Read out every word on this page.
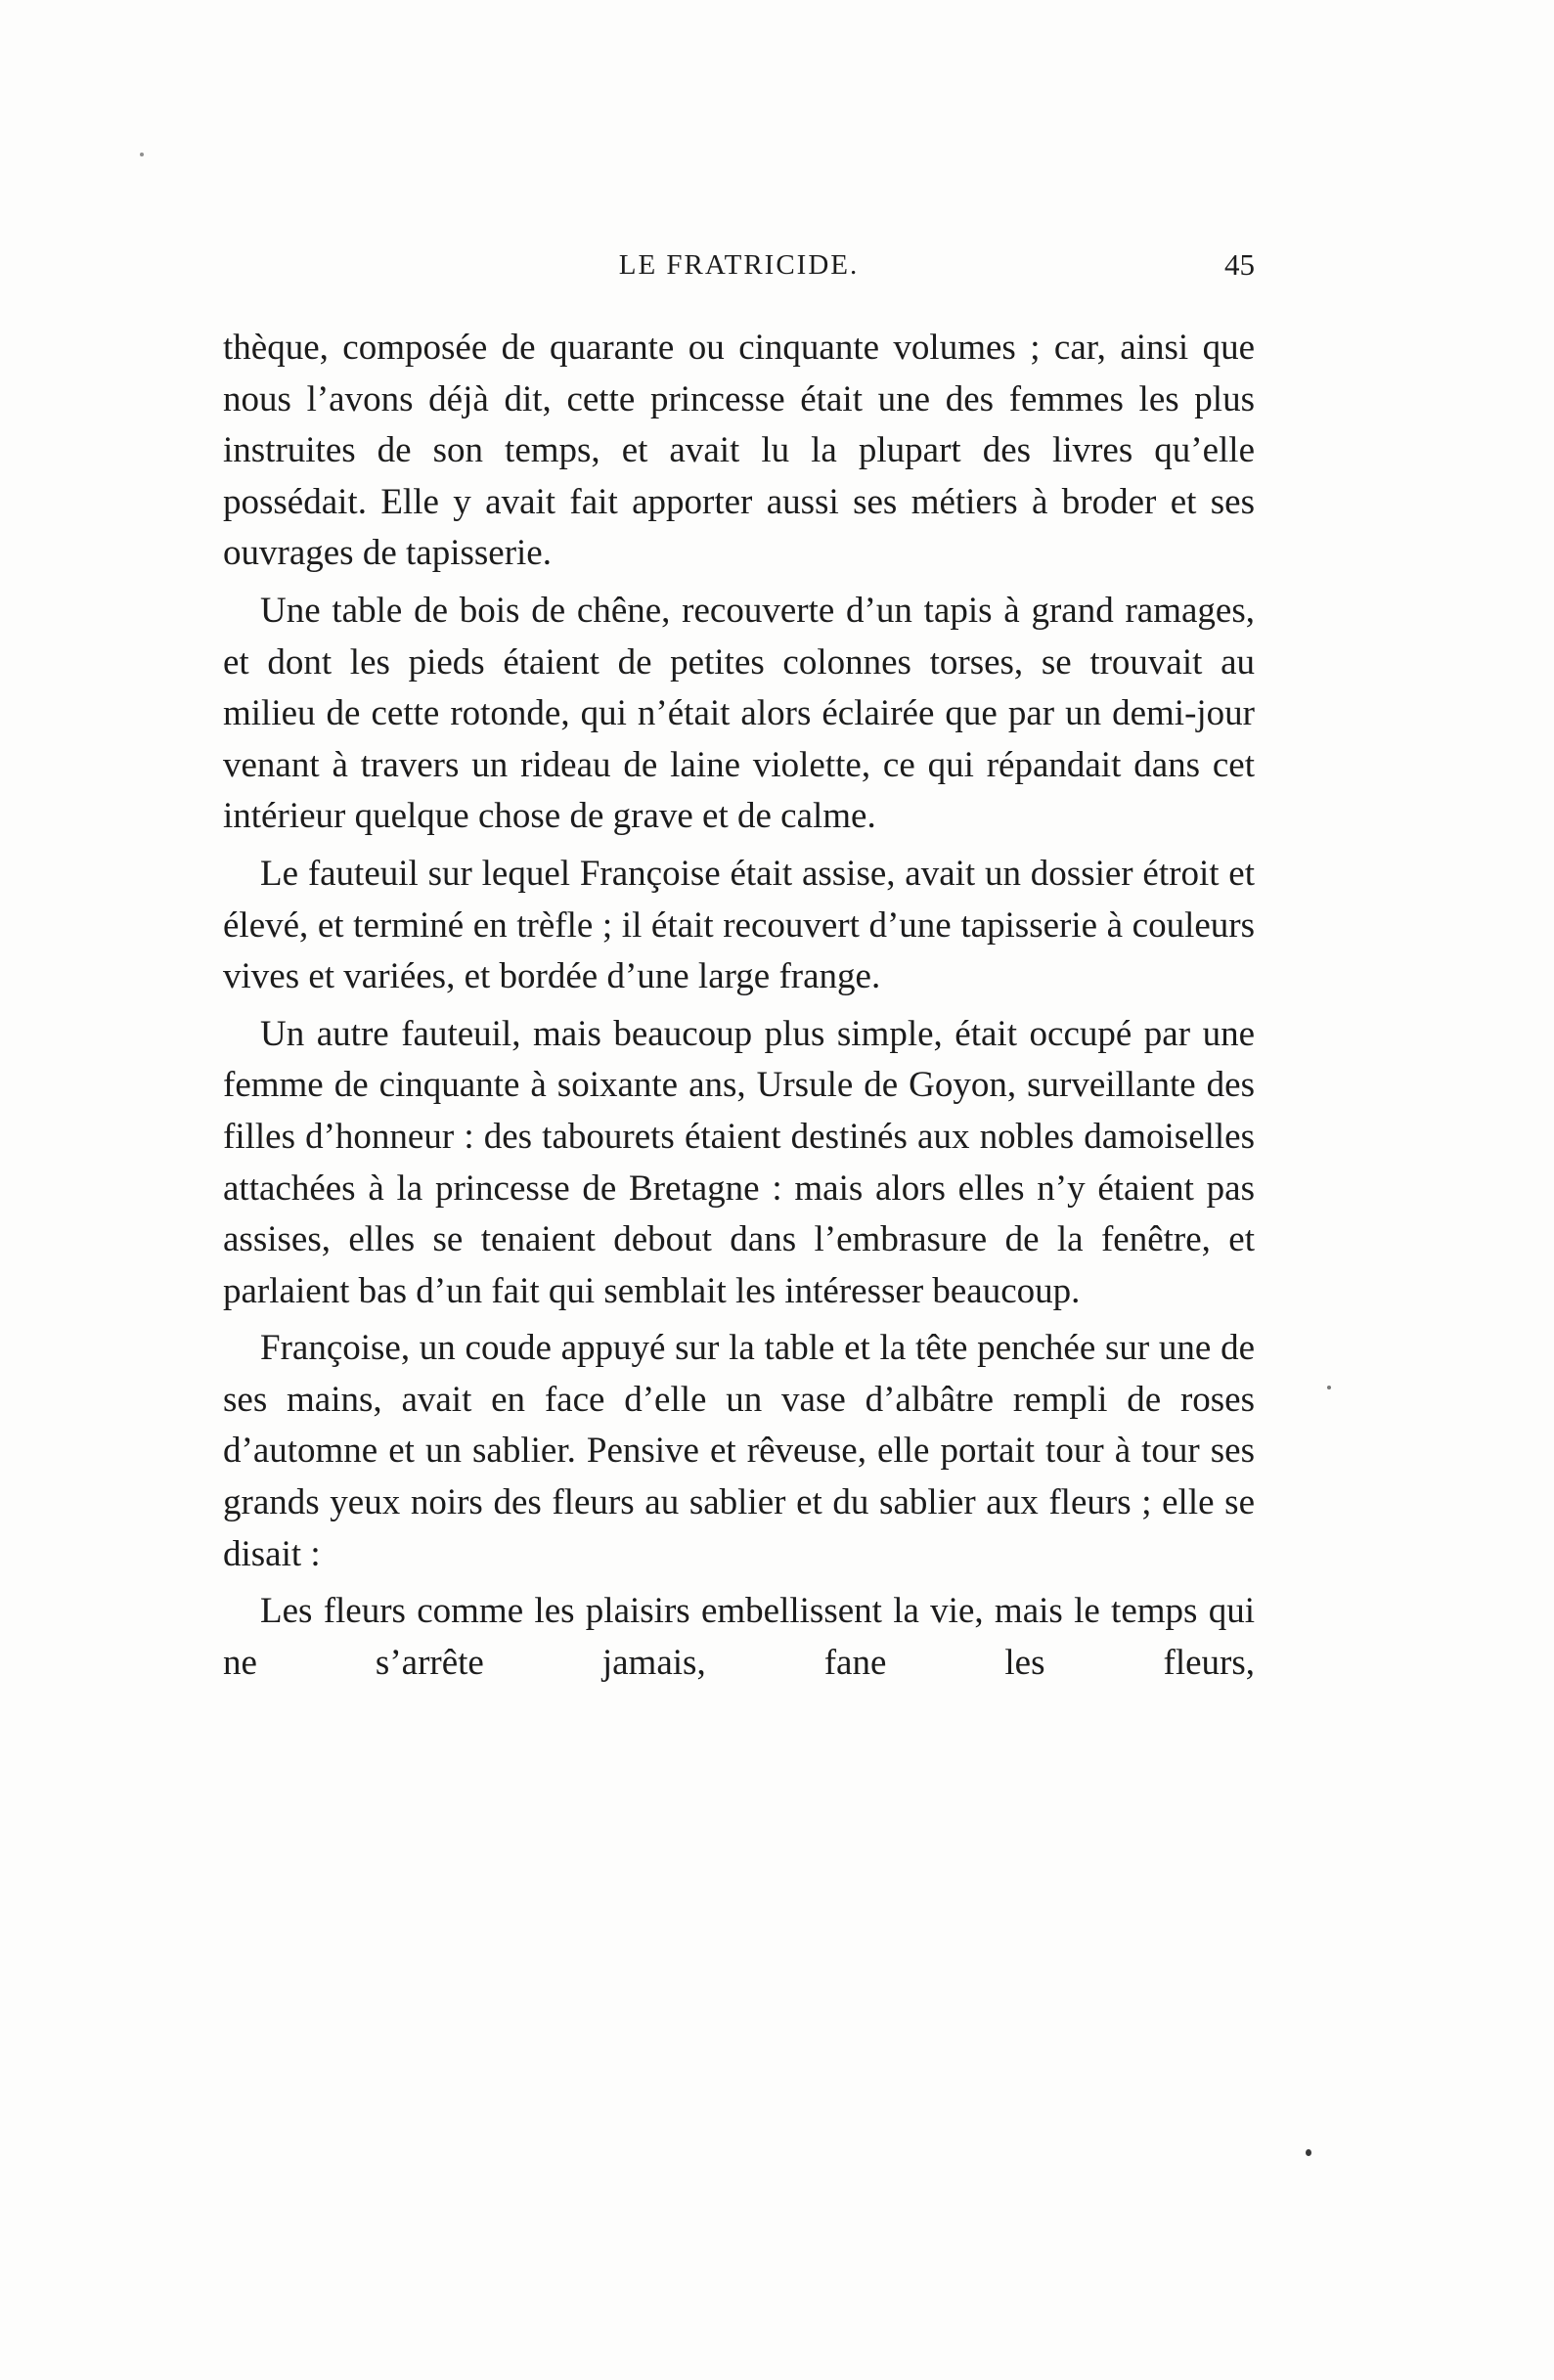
LE FRATRICIDE.	45

thèque, composée de quarante ou cinquante volumes ; car, ainsi que nous l’avons déjà dit, cette princesse était une des femmes les plus instruites de son temps, et avait lu la plupart des livres qu’elle possédait. Elle y avait fait apporter aussi ses métiers à broder et ses ouvrages de tapisserie.

Une table de bois de chêne, recouverte d’un tapis à grand ramages, et dont les pieds étaient de petites colonnes torses, se trouvait au milieu de cette rotonde, qui n’était alors éclairée que par un demi-jour venant à travers un rideau de laine violette, ce qui répandait dans cet intérieur quelque chose de grave et de calme.

Le fauteuil sur lequel Françoise était assise, avait un dossier étroit et élevé, et terminé en trèfle ; il était recouvert d’une tapisserie à couleurs vives et variées, et bordée d’une large frange.

Un autre fauteuil, mais beaucoup plus simple, était occupé par une femme de cinquante à soixante ans, Ursule de Goyon, surveillante des filles d’honneur : des tabourets étaient destinés aux nobles damoiselles attachées à la princesse de Bretagne : mais alors elles n’y étaient pas assises, elles se tenaient debout dans l’embrasure de la fenêtre, et parlaient bas d’un fait qui semblait les intéresser beaucoup.

Françoise, un coude appuyé sur la table et la tête penchée sur une de ses mains, avait en face d’elle un vase d’albâtre rempli de roses d’automne et un sablier. Pensive et rêveuse, elle portait tour à tour ses grands yeux noirs des fleurs au sablier et du sablier aux fleurs ; elle se disait :

Les fleurs comme les plaisirs embellissent la vie, mais le temps qui ne s’arrête jamais, fane les fleurs,
